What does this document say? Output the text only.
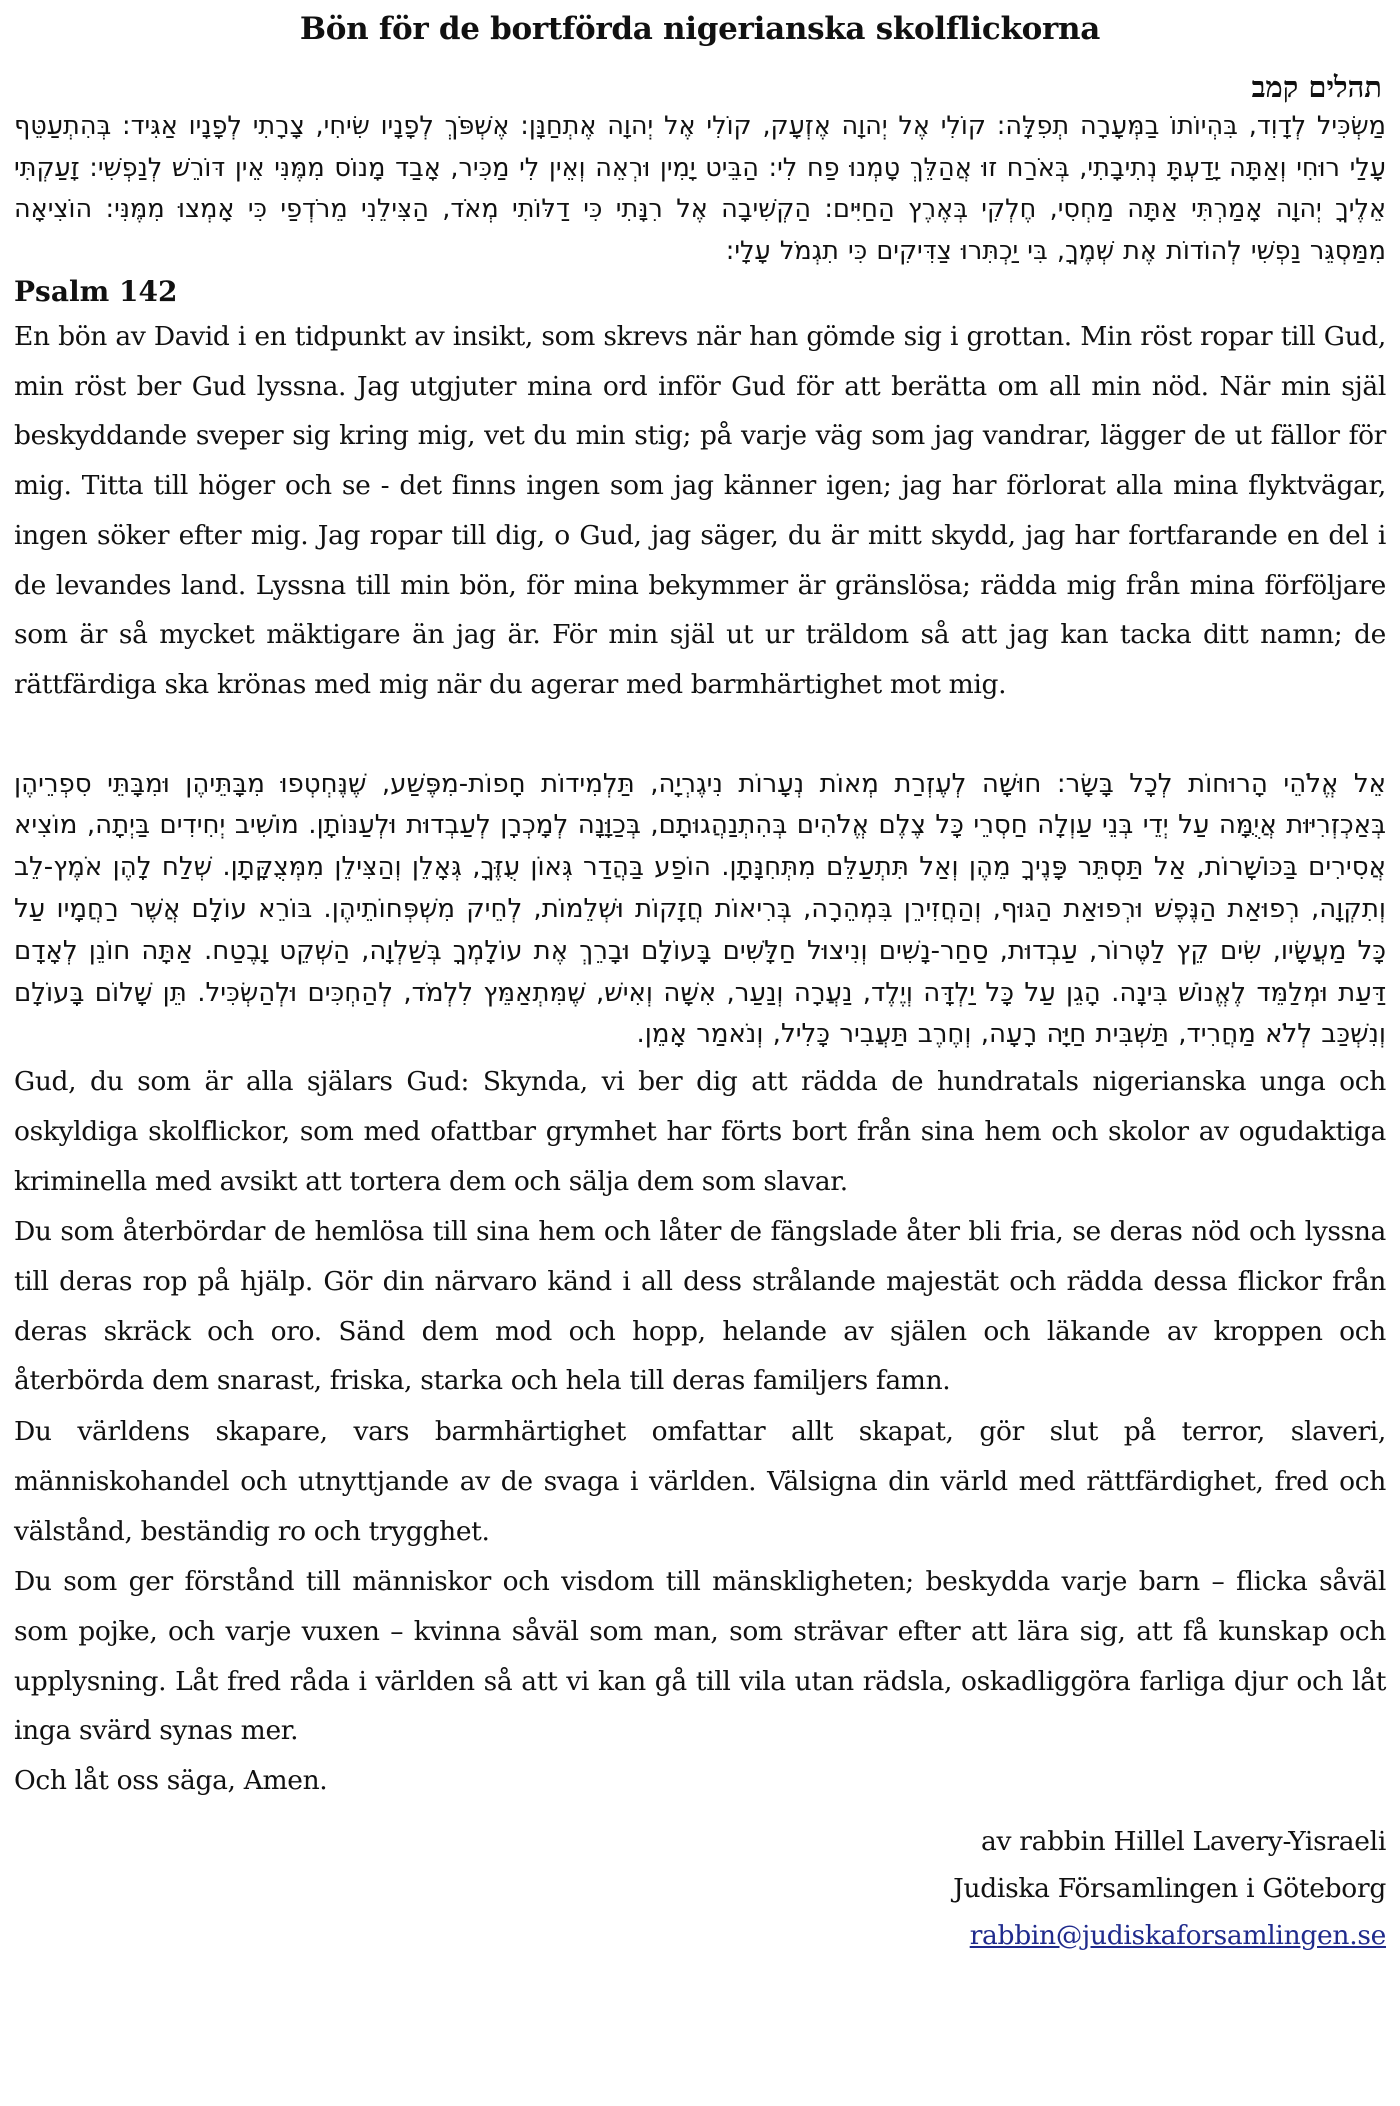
Bön för de bortförda nigerianska skolflickorna
תהלים קמב

מַשְׂכִּיל לְדָוִד, בִּהְיוֹתוֹ בַמְּעָרָה תְפִלָּה: קוֹלִי אֶל יְהוָה אֶזְעָק, קוֹלִי אֶל יְהוָה אֶתְחַנָּן: אֶשְׁפֹּךְ לְפָנָיו שִׂיחִי, צָרָתִי לְפָנָיו אַגִּיד: בְּהִתְעַטֵּף עָלַי רוּחִי וְאַתָּה יָדַעְתָּ נְתִיבָתִי, בְּאֹרַח זוּ אֲהַלֵּךְ טָמְנוּ פַח לִי: הַבֵּיט יָמִין וּרְאֵה וְאֵין לִי מַכִּיר, אָבַד מָנוֹס מִמֶּנִּי אֵין דּוֹרֵשׁ לְנַפְשִׁי: זָעַקְתִּי אֵלֶיךָ יְהוָה אָמַרְתִּי אַתָּה מַחְסִי, חֶלְקִי בְּאֶרֶץ הַחַיִּים: הַקְשִׁיבָה אֶל רִנָּתִי כִּי דַלּוֹתִי מְאֹד, הַצִּילֵנִי מֵרֹדְפַי כִּי אָמְצוּ מִמֶּנִּי: הוֹצִיאָה מִמַּסְגֵּר נַפְשִׁי לְהוֹדוֹת אֶת שְׁמֶךָ, בִּי יַכְתִּרוּ צַדִּיקִים כִּי תִגְמֹל עָלָי:

Psalm 142

En bön av David i en tidpunkt av insikt, som skrevs när han gömde sig i grottan. Min röst ropar till Gud, min röst ber Gud lyssna. Jag utgjuter mina ord inför Gud för att berätta om all min nöd. När min själ beskyddande sveper sig kring mig, vet du min stig; på varje väg som jag vandrar, lägger de ut fällor för mig. Titta till höger och se - det finns ingen som jag känner igen; jag har förlorat alla mina flyktvägar, ingen söker efter mig. Jag ropar till dig, o Gud, jag säger, du är mitt skydd, jag har fortfarande en del i de levandes land. Lyssna till min bön, för mina bekymmer är gränslösa; rädda mig från mina förföljare som är så mycket mäktigare än jag är. För min själ ut ur träldom så att jag kan tacka ditt namn; de rättfärdiga ska krönas med mig när du agerar med barmhärtighet mot mig.

אֵל אֱלֹהֵי הָרוּחוֹת לְכָל בָּשָׂר: חוּשָׁה לְעֶזְרַת מְאוֹת נְעָרוֹת נִיגֶרְיָה, תַּלְמִידוֹת חָפוֹת-מִפֶּשַׁע, שֶׁנֶּחְטְפוּ מִבָּתֵּיהֶן וּמִבָּתֵּי סִפְרֵיהֶן בְּאַכְזְרִיּוּת אֲיֻמָּה עַל יְדֵי בְּנֵי עַוְלָה חַסְרֵי כָּל צֶלֶם אֱלֹהִים בְּהִתְנַהֲגוּתָם, בְּכַוָּנָה לְמָכְרָן לְעַבְדוּת וּלְעַנּוֹתָן. מוֹשִׁיב יְחִידִים בַּיְתָה, מוֹצִיא אֲסִירִים בַּכּוֹשָׁרוֹת, אַל תַּסְתֵּר פָּנֶיךָ מֵהֶן וְאַל תִּתְעַלֵּם מִתְּחִנָּתָן. הוֹפַע בַּהֲדַר גְּאוֹן עֻזֶּךָ, גְּאָלֵן וְהַצִּילֵן מִמְּצֻקָּתָן. שְׁלַח לָהֶן אֹמֶץ-לֵב וְתִקְוָה, רְפוּאַת הַנֶּפֶשׁ וּרְפוּאַת הַגּוּף, וְהַחֲזִירֵן בִּמְהֵרָה, בְּרִיאוֹת חֲזָקוֹת וּשְׁלֵמוֹת, לְחֵיק מִשְׁפְּחוֹתֵיהֶן. בּוֹרֵא עוֹלָם אֲשֶׁר רַחֲמָיו עַל כָּל מַעֲשָׂיו, שִׂים קֵץ לַטֶּרוֹר, עַבְדוּת, סַחַר-נָשִׁים וְנִיצוּל חַלָּשִׁים בָּעוֹלָם וּבָרֵךְ אֶת עוֹלָמְךָ בְּשַׁלְוָה, הַשְׁקֵט וָבֶטַח. אַתָּה חוֹנֵן לְאָדָם דַּעַת וּמְלַמֵּד לֶאֱנוֹשׁ בִּינָה. הָגֵן עַל כָּל יַלְדָּה וְיֶלֶד, נַעֲרָה וְנַעַר, אִשָּׁה וְאִישׁ, שֶׁמִּתְאַמֵּץ לִלְמֹד, לְהַחְכִּים וּלְהַשְׂכִּיל. תֵּן שָׁלוֹם בָּעוֹלָם וְנִשְׁכַּב לְלֹא מַחֲרִיד, תַּשְׁבִּית חַיָּה רָעָה, וְחֶרֶב תַּעֲבִיר כָּלִיל, וְנֹאמַר אָמֵן.

Gud, du som är alla själars Gud: Skynda, vi ber dig att rädda de hundratals nigerianska unga och oskyldiga skolflickor, som med ofattbar grymhet har förts bort från sina hem och skolor av ogudaktiga kriminella med avsikt att tortera dem och sälja dem som slavar.

Du som återbördar de hemlösa till sina hem och låter de fängslade åter bli fria, se deras nöd och lyssna till deras rop på hjälp. Gör din närvaro känd i all dess strålande majestät och rädda dessa flickor från deras skräck och oro. Sänd dem mod och hopp, helande av själen och läkande av kroppen och återbörda dem snarast, friska, starka och hela till deras familjers famn.

Du världens skapare, vars barmhärtighet omfattar allt skapat, gör slut på terror, slaveri, människohandel och utnyttjande av de svaga i världen. Välsigna din värld med rättfärdighet, fred och välstånd, beständig ro och trygghet.

Du som ger förstånd till människor och visdom till mänskligheten; beskydda varje barn – flicka såväl som pojke, och varje vuxen – kvinna såväl som man, som strävar efter att lära sig, att få kunskap och upplysning. Låt fred råda i världen så att vi kan gå till vila utan rädsla, oskadliggöra farliga djur och låt inga svärd synas mer.

Och låt oss säga, Amen.

av rabbin Hillel Lavery-Yisraeli
Judiska Församlingen i Göteborg
rabbin@judiskaforsamlingen.se
